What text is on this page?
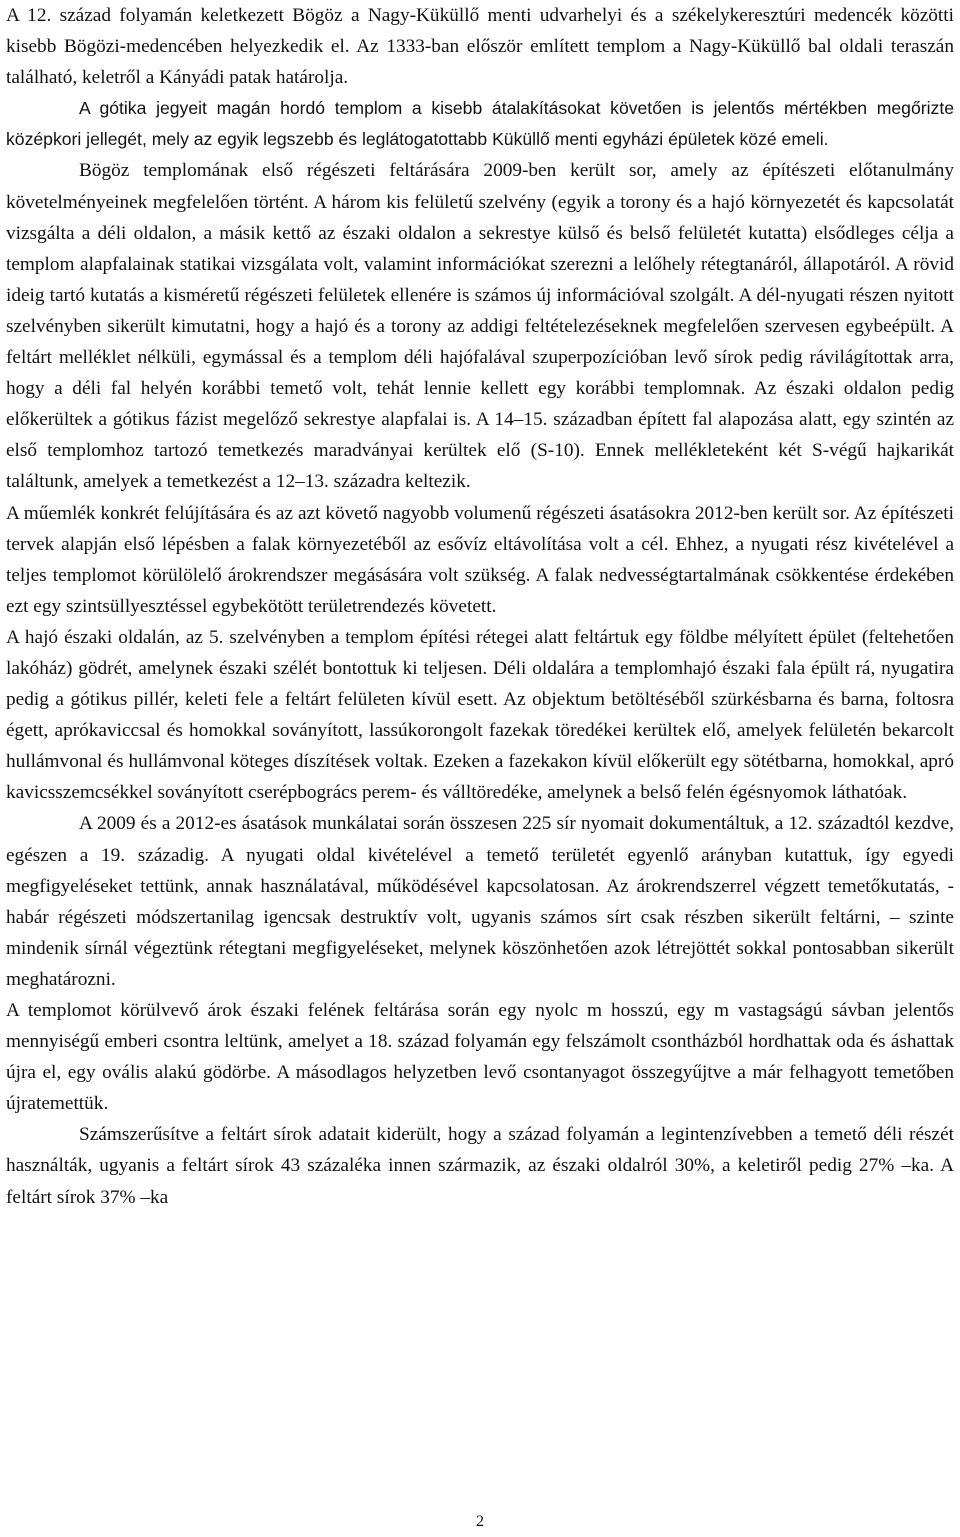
A 12. század folyamán keletkezett Bögöz a Nagy-Küküllő menti udvarhelyi és a székelykeresztúri medencék közötti kisebb Bögözi-medencében helyezkedik el. Az 1333-ban először említett templom a Nagy-Küküllő bal oldali teraszán található, keletről a Kányádi patak határolja.

A gótika jegyeit magán hordó templom a kisebb átalakításokat követően is jelentős mértékben megőrizte középkori jellegét, mely az egyik legszebb és leglátogatottabb Küküllő menti egyházi épületek közé emeli.

Bögöz templomának első régészeti feltárására 2009-ben került sor, amely az építészeti előtanulmány követelményeinek megfelelően történt. A három kis felületű szelvény (egyik a torony és a hajó környezetét és kapcsolatát vizsgálta a déli oldalon, a másik kettő az északi oldalon a sekrestye külső és belső felületét kutatta) elsődleges célja a templom alapfalainak statikai vizsgálata volt, valamint információkat szerezni a lelőhely rétegtanáról, állapotáról. A rövid ideig tartó kutatás a kisméretű régészeti felületek ellenére is számos új információval szolgált. A dél-nyugati részen nyitott szelvényben sikerült kimutatni, hogy a hajó és a torony az addigi feltételezéseknek megfelelően szervesen egybeépült. A feltárt melléklet nélküli, egymással és a templom déli hajófalával szuperpozícióban levő sírok pedig rávilágítottak arra, hogy a déli fal helyén korábbi temető volt, tehát lennie kellett egy korábbi templomnak. Az északi oldalon pedig előkerültek a gótikus fázist megelőző sekrestye alapfalai is. A 14–15. században épített fal alapozása alatt, egy szintén az első templomhoz tartozó temetkezés maradványai kerültek elő (S-10). Ennek mellékleteként két S-végű hajkarikát találtunk, amelyek a temetkezést a 12–13. századra keltezik.

A műemlék konkrét felújítására és az azt követő nagyobb volumenű régészeti ásatásokra 2012-ben került sor. Az építészeti tervek alapján első lépésben a falak környezetéből az esővíz eltávolítása volt a cél. Ehhez, a nyugati rész kivételével a teljes templomot körülölelő árokrendszer megásására volt szükség. A falak nedvességtartalmának csökkentése érdekében ezt egy szintsüllyesztéssel egybekötött területrendezés követett.

A hajó északi oldalán, az 5. szelvényben a templom építési rétegei alatt feltártuk egy földbe mélyített épület (feltehetően lakóház) gödrét, amelynek északi szélét bontottuk ki teljesen. Déli oldalára a templomhajó északi fala épült rá, nyugatira pedig a gótikus pillér, keleti fele a feltárt felületen kívül esett. Az objektum betöltéséből szürkésbarna és barna, foltosra égett, aprókaviccsal és homokkal soványított, lassúkorongolt fazekak töredékei kerültek elő, amelyek felületén bekarcolt hullámvonal és hullámvonal köteges díszítések voltak. Ezeken a fazekakon kívül előkerült egy sötétbarna, homokkal, apró kavicsszemcsékkel soványított cserépbogrács perem- és válltöredéke, amelynek a belső felén égésnyomok láthatóak.

A 2009 és a 2012-es ásatások munkálatai során összesen 225 sír nyomait dokumentáltuk, a 12. századtól kezdve, egészen a 19. századig. A nyugati oldal kivételével a temető területét egyenlő arányban kutattuk, így egyedi megfigyeléseket tettünk, annak használatával, működésével kapcsolatosan. Az árokrendszerrel végzett temetőkutatás, - habár régészeti módszertanilag igencsak destruktív volt, ugyanis számos sírt csak részben sikerült feltárni, – szinte mindenik sírnál végeztünk rétegtani megfigyeléseket, melynek köszönhetően azok létrejöttét sokkal pontosabban sikerült meghatározni.

A templomot körülvevő árok északi felének feltárása során egy nyolc m hosszú, egy m vastagságú sávban jelentős mennyiségű emberi csontra leltünk, amelyet a 18. század folyamán egy felszámolt csontházból hordhattak oda és áshattak újra el, egy ovális alakú gödörbe. A másodlagos helyzetben levő csontanyagot összegyűjtve a már felhagyott temetőben újratemettük.

Számszerűsítve a feltárt sírok adatait kiderült, hogy a század folyamán a legintenzívebben a temető déli részét használták, ugyanis a feltárt sírok 43 százaléka innen származik, az északi oldalról 30%, a keletiről pedig 27% –ka. A feltárt sírok 37% –ka

2
